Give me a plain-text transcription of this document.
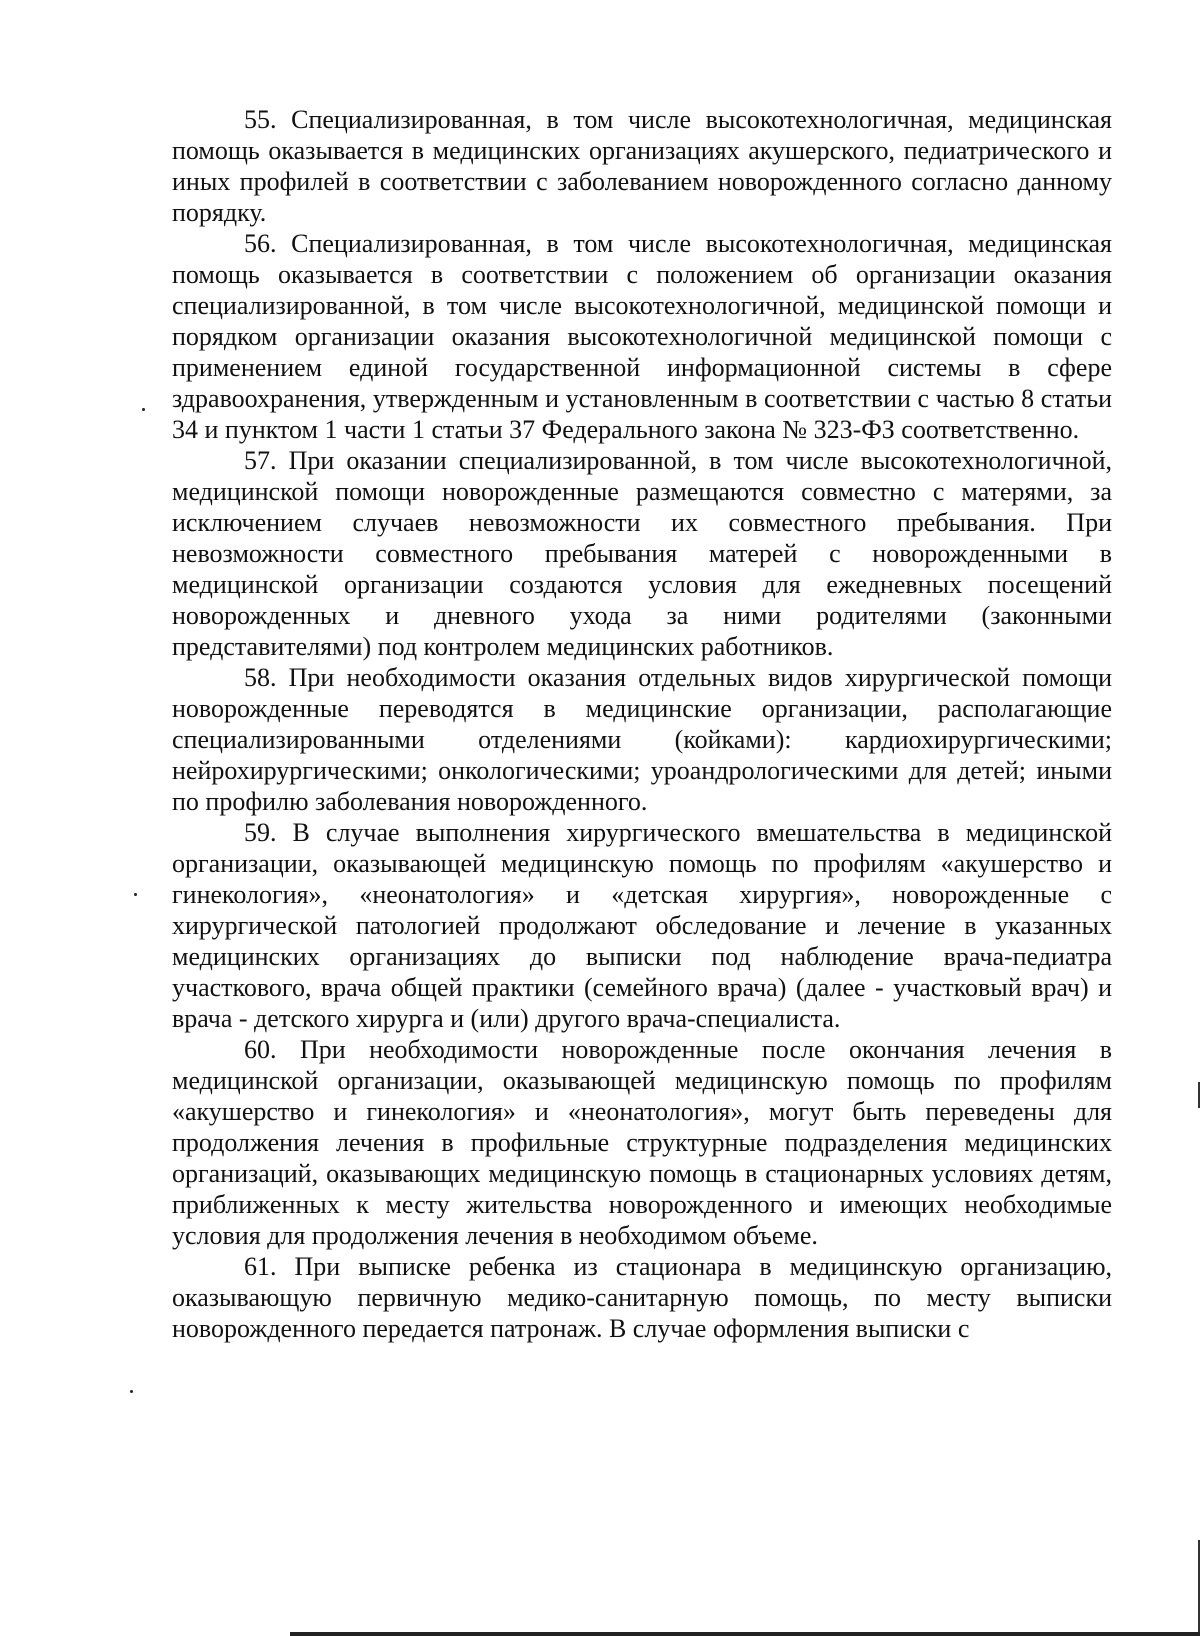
55. Специализированная, в том числе высокотехнологичная, медицинская помощь оказывается в медицинских организациях акушерского, педиатрического и иных профилей в соответствии с заболеванием новорожденного согласно данному порядку.

56. Специализированная, в том числе высокотехнологичная, медицинская помощь оказывается в соответствии с положением об организации оказания специализированной, в том числе высокотехнологичной, медицинской помощи и порядком организации оказания высокотехнологичной медицинской помощи с применением единой государственной информационной системы в сфере здравоохранения, утвержденным и установленным в соответствии с частью 8 статьи 34 и пунктом 1 части 1 статьи 37 Федерального закона № 323-ФЗ соответственно.

57. При оказании специализированной, в том числе высокотехнологичной, медицинской помощи новорожденные размещаются совместно с матерями, за исключением случаев невозможности их совместного пребывания. При невозможности совместного пребывания матерей с новорожденными в медицинской организации создаются условия для ежедневных посещений новорожденных и дневного ухода за ними родителями (законными представителями) под контролем медицинских работников.

58. При необходимости оказания отдельных видов хирургической помощи новорожденные переводятся в медицинские организации, располагающие специализированными отделениями (койками): кардиохирургическими; нейрохирургическими; онкологическими; уроандрологическими для детей; иными по профилю заболевания новорожденного.

59. В случае выполнения хирургического вмешательства в медицинской организации, оказывающей медицинскую помощь по профилям «акушерство и гинекология», «неонатология» и «детская хирургия», новорожденные с хирургической патологией продолжают обследование и лечение в указанных медицинских организациях до выписки под наблюдение врача-педиатра участкового, врача общей практики (семейного врача) (далее - участковый врач) и врача - детского хирурга и (или) другого врача-специалиста.

60. При необходимости новорожденные после окончания лечения в медицинской организации, оказывающей медицинскую помощь по профилям «акушерство и гинекология» и «неонатология», могут быть переведены для продолжения лечения в профильные структурные подразделения медицинских организаций, оказывающих медицинскую помощь в стационарных условиях детям, приближенных к месту жительства новорожденного и имеющих необходимые условия для продолжения лечения в необходимом объеме.

61. При выписке ребенка из стационара в медицинскую организацию, оказывающую первичную медико-санитарную помощь, по месту выписки новорожденного передается патронаж. В случае оформления выписки с
